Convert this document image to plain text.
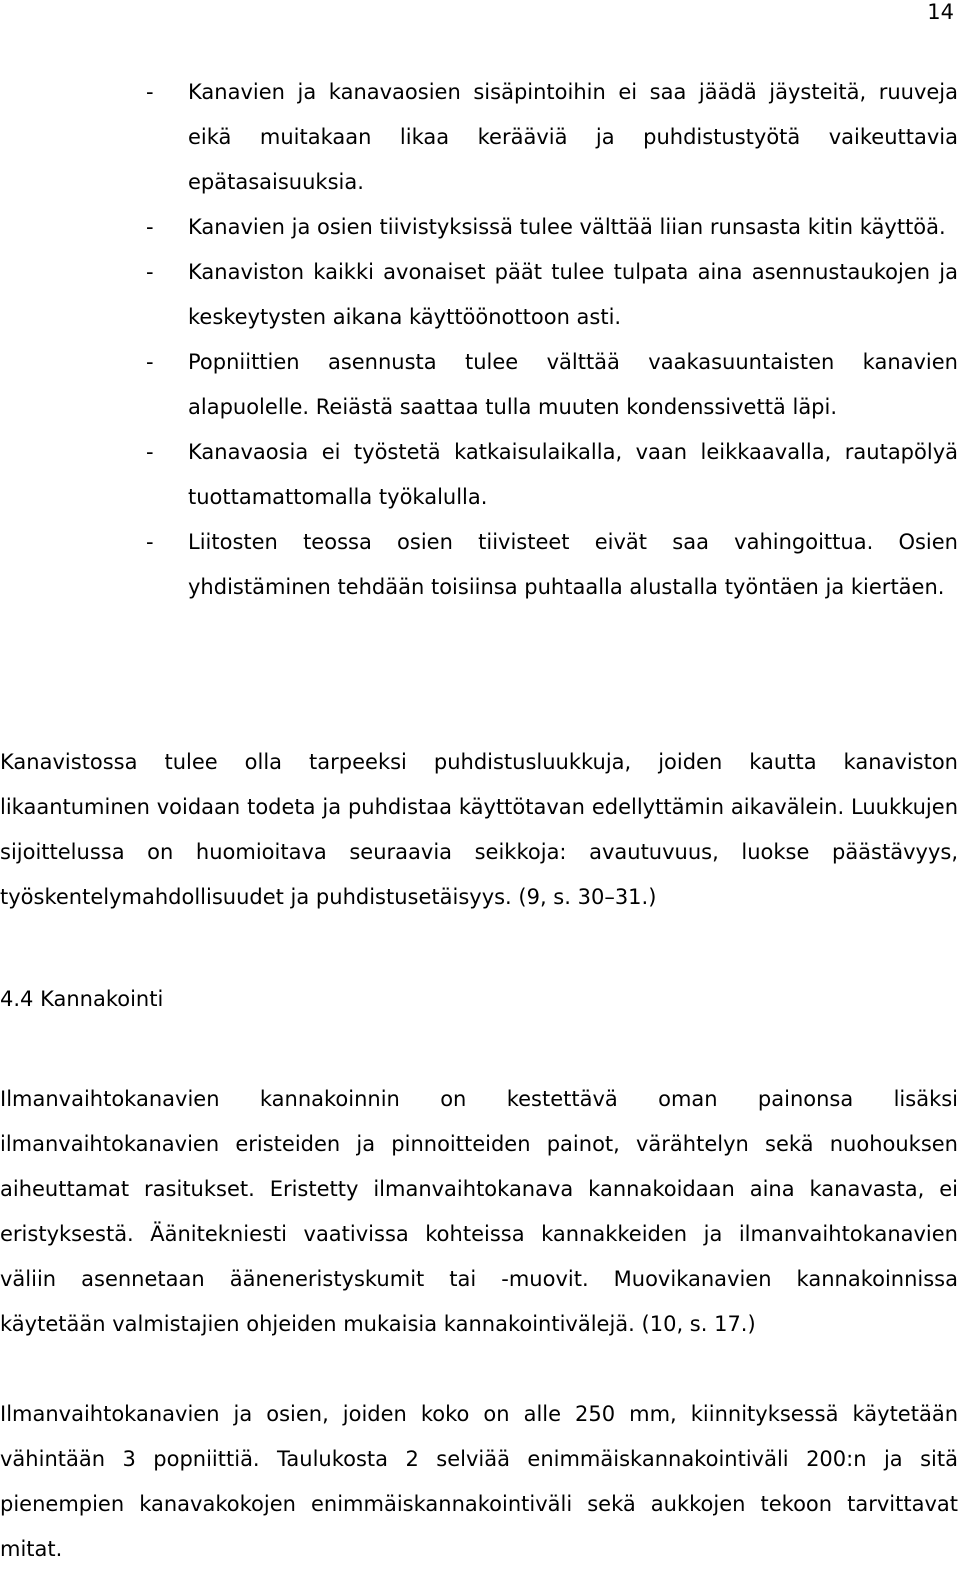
14
- Kanavien ja kanavaosien sisäpintoihin ei saa jäädä jäysteitä, ruuveja eikä muitakaan likaa kerääviä ja puhdistustyötä vaikeuttavia epätasaisuuksia.
- Kanavien ja osien tiivistyksissä tulee välttää liian runsasta kitin käyttöä.
- Kanaviston kaikki avonaiset päät tulee tulpata aina asennustaukojen ja keskeytysten aikana käyttöönottoon asti.
- Popniittien asennusta tulee välttää vaakasuuntaisten kanavien alapuolelle. Reiästä saattaa tulla muuten kondenssivettä läpi.
- Kanavaosia ei työstetä katkaisulaikalla, vaan leikkaavalla, rautapölyä tuottamattomalla työkalulla.
- Liitosten teossa osien tiivisteet eivät saa vahingoittua. Osien yhdistäminen tehdään toisiinsa puhtaalla alustalla työntäen ja kiertäen.

Kanavistossa tulee olla tarpeeksi puhdistusluukkuja, joiden kautta kanaviston likaantuminen voidaan todeta ja puhdistaa käyttötavan edellyttämin aikavälein. Luukkujen sijoittelussa on huomioitava seuraavia seikkoja: avautuvuus, luokse päästävyys, työskentelymahdollisuudet ja puhdistusetäisyys. (9, s. 30–31.)

4.4 Kannakointi

Ilmanvaihtokanavien kannakoinnin on kestettävä oman painonsa lisäksi ilmanvaihtokanavien eristeiden ja pinnoitteiden painot, värähtelyn sekä nuohouksen aiheuttamat rasitukset. Eristetty ilmanvaihtokanava kannakoidaan aina kanavasta, ei eristyksestä. Äänitekniesti vaativissa kohteissa kannakkeiden ja ilmanvaihtokanavien väliin asennetaan ääneneristyskumit tai -muovit. Muovikanavien kannakoinnissa käytetään valmistajien ohjeiden mukaisia kannakointivälejä. (10, s. 17.)

Ilmanvaihtokanavien ja osien, joiden koko on alle 250 mm, kiinnityksessä käytetään vähintään 3 popniittiä. Taulukosta 2 selviää enimmäiskannakointiväli 200:n ja sitä pienempien kanavakokojen enimmäiskannakointiväli sekä aukkojen tekoon tarvittavat mitat.
